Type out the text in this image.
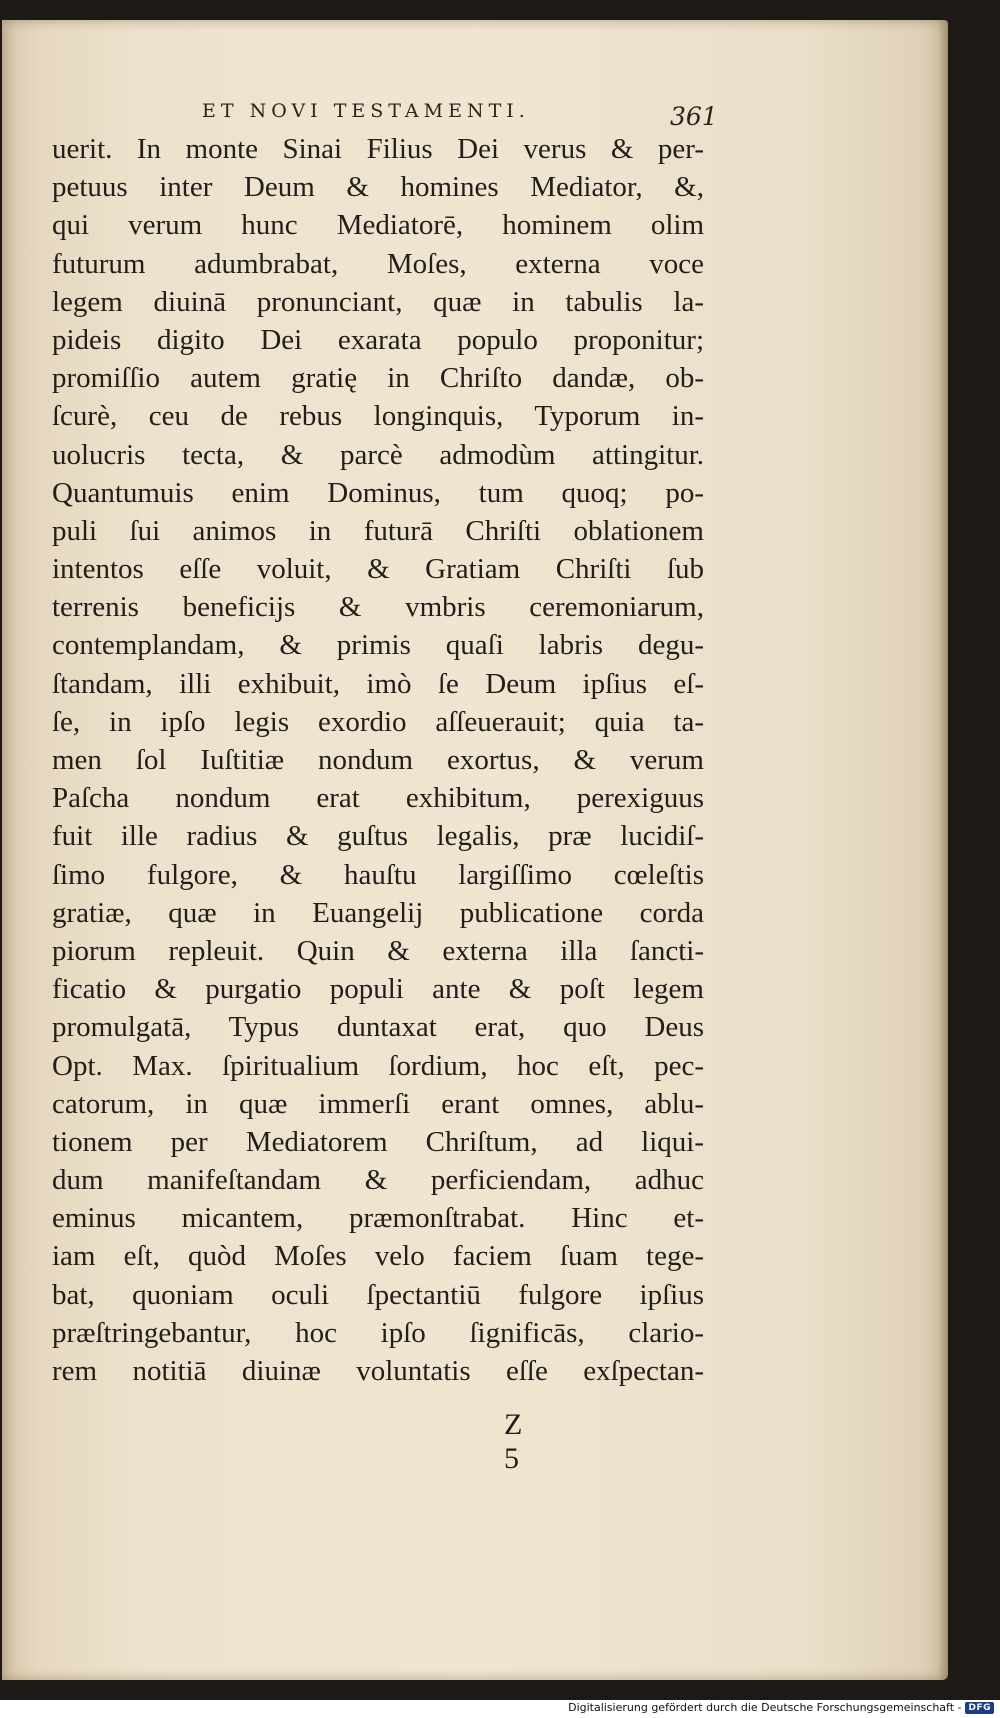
ET NOVI TESTAMENTI.	361
uerit. In monte Sinai Filius Dei verus & per-
petuus inter Deum & homines Mediator, &,
qui verum hunc Mediatorē, hominem olim
futurum adumbrabat, Moſes, externa voce
legem diuinā pronunciant, quæ in tabulis la-
pideis digito Dei exarata populo proponitur;
promiſſio autem gratię in Chriſto dandæ, ob-
ſcurè, ceu de rebus longinquis, Typorum in-
uolucris tecta, & parcè admodùm attingitur.
Quantumuis enim Dominus, tum quoq; po-
puli ſui animos in futurā Chriſti oblationem
intentos eſſe voluit, & Gratiam Chriſti ſub
terrenis beneficijs & vmbris ceremoniarum,
contemplandam, & primis quaſi labris degu-
ſtandam, illi exhibuit, imò ſe Deum ipſius eſ-
ſe, in ipſo legis exordio aſſeuerauit; quia ta-
men ſol Iuſtitiæ nondum exortus, & verum
Paſcha nondum erat exhibitum, perexiguus
fuit ille radius & guſtus legalis, præ lucidiſ-
ſimo fulgore, & hauſtu largiſſimo cœleſtis
gratiæ, quæ in Euangelij publicatione corda
piorum repleuit. Quin & externa illa ſancti-
ficatio & purgatio populi ante & poſt legem
promulgatā, Typus duntaxat erat, quo Deus
Opt. Max. ſpiritualium ſordium, hoc eſt, pec-
catorum, in quæ immerſi erant omnes, ablu-
tionem per Mediatorem Chriſtum, ad liqui-
dum manifeſtandam & perficiendam, adhuc
eminus micantem, præmonſtrabat. Hinc et-
iam eſt, quòd Moſes velo faciem ſuam tege-
bat, quoniam oculi ſpectantiū fulgore ipſius
præſtringebantur, hoc ipſo ſignificās, clario-
rem notitiā diuinæ voluntatis eſſe exſpectan-
Z 5
Digitalisierung gefördert durch die Deutsche Forschungsgemeinschaft - DFG
